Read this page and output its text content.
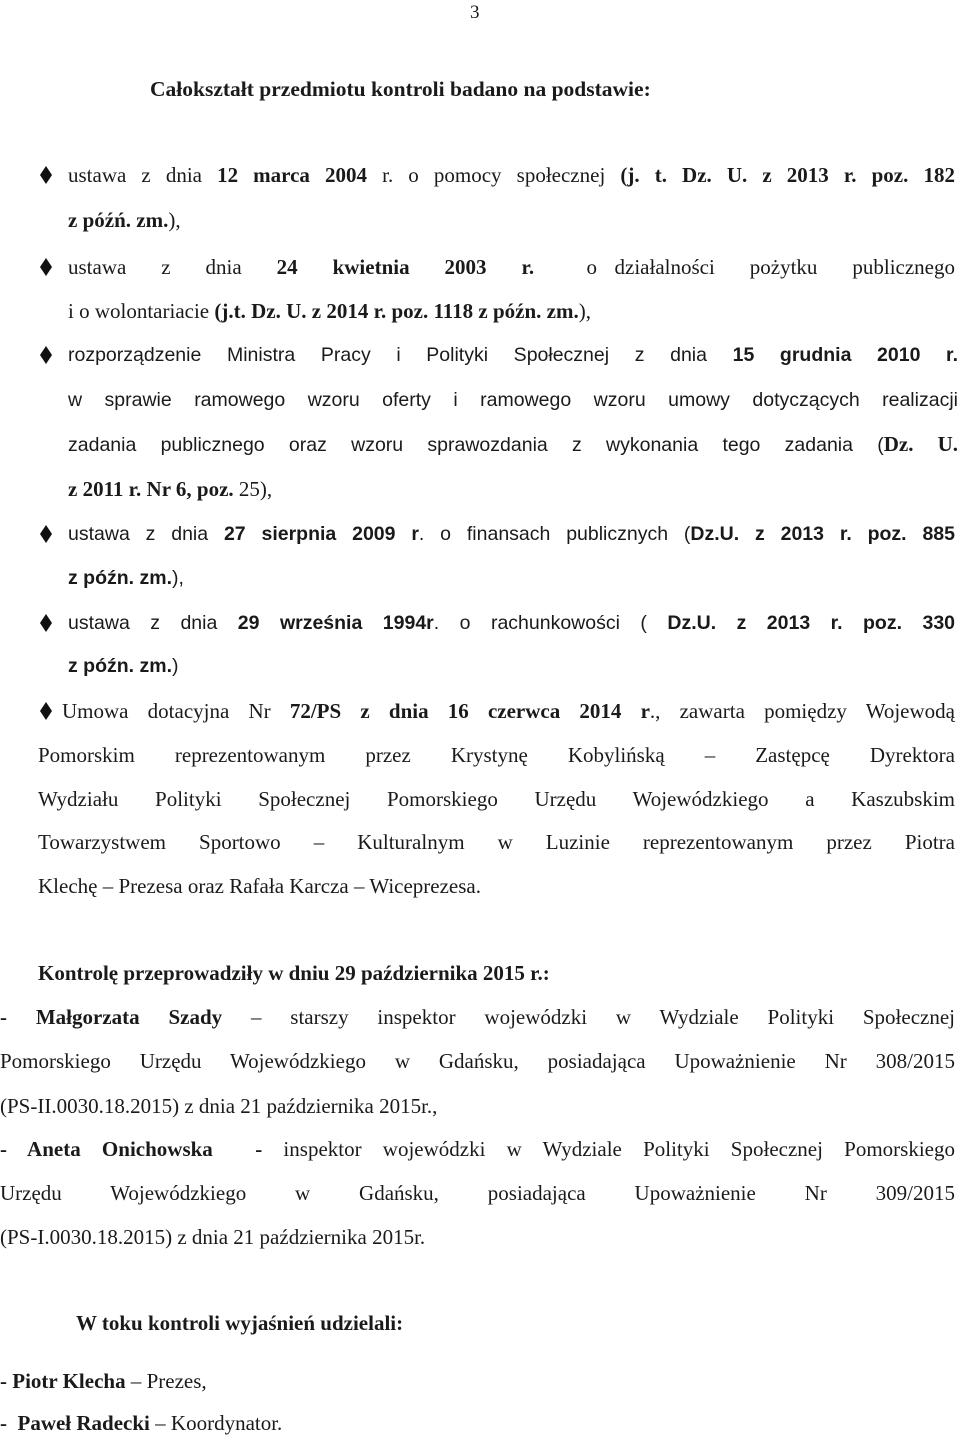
3
Całokształt przedmiotu kontroli badano na podstawie:
ustawa z dnia 12 marca 2004 r. o pomocy społecznej (j. t. Dz. U. z 2013 r. poz. 182
z późń. zm.),
ustawa  z  dnia  24  kwietnia  2003  r.   o działalności  pożytku  publicznego
i o wolontariacie (j.t. Dz. U. z 2014 r. poz. 1118 z późn. zm.),
rozporządzenie Ministra Pracy i Polityki Społecznej z dnia 15 grudnia 2010 r.
w sprawie ramowego wzoru oferty i ramowego wzoru umowy dotyczących realizacji
zadania publicznego oraz wzoru sprawozdania z wykonania tego zadania (Dz. U.
z 2011 r. Nr 6, poz. 25),
ustawa z dnia 27 sierpnia 2009 r. o finansach publicznych (Dz.U. z 2013 r. poz. 885
z późn. zm.),
ustawa z dnia 29 września 1994r. o rachunkowości ( Dz.U. z 2013 r. poz. 330
z późn. zm.)
Umowa dotacyjna Nr 72/PS z dnia 16 czerwca 2014 r., zawarta pomiędzy Wojewodą
Pomorskim reprezentowanym przez Krystynę Kobylińską – Zastępcę Dyrektora
Wydziału Polityki Społecznej Pomorskiego Urzędu Wojewódzkiego a Kaszubskim
Towarzystwem Sportowo – Kulturalnym w Luzinie reprezentowanym przez Piotra
Klechę – Prezesa oraz Rafała Karcza – Wiceprezesa.
Kontrolę przeprowadziły w dniu 29 października 2015 r.:
- Małgorzata Szady – starszy inspektor wojewódzki w Wydziale Polityki Społecznej
Pomorskiego Urzędu Wojewódzkiego w Gdańsku, posiadająca Upoważnienie Nr 308/2015
(PS-II.0030.18.2015) z dnia 21 października 2015r.,
- Aneta Onichowska  - inspektor wojewódzki w Wydziale Polityki Społecznej Pomorskiego
Urzędu Wojewódzkiego w Gdańsku, posiadająca Upoważnienie Nr 309/2015
(PS-I.0030.18.2015) z dnia 21 października 2015r.
W toku kontroli wyjaśnień udzielali:
- Piotr Klecha – Prezes,
-  Paweł Radecki – Koordynator.
